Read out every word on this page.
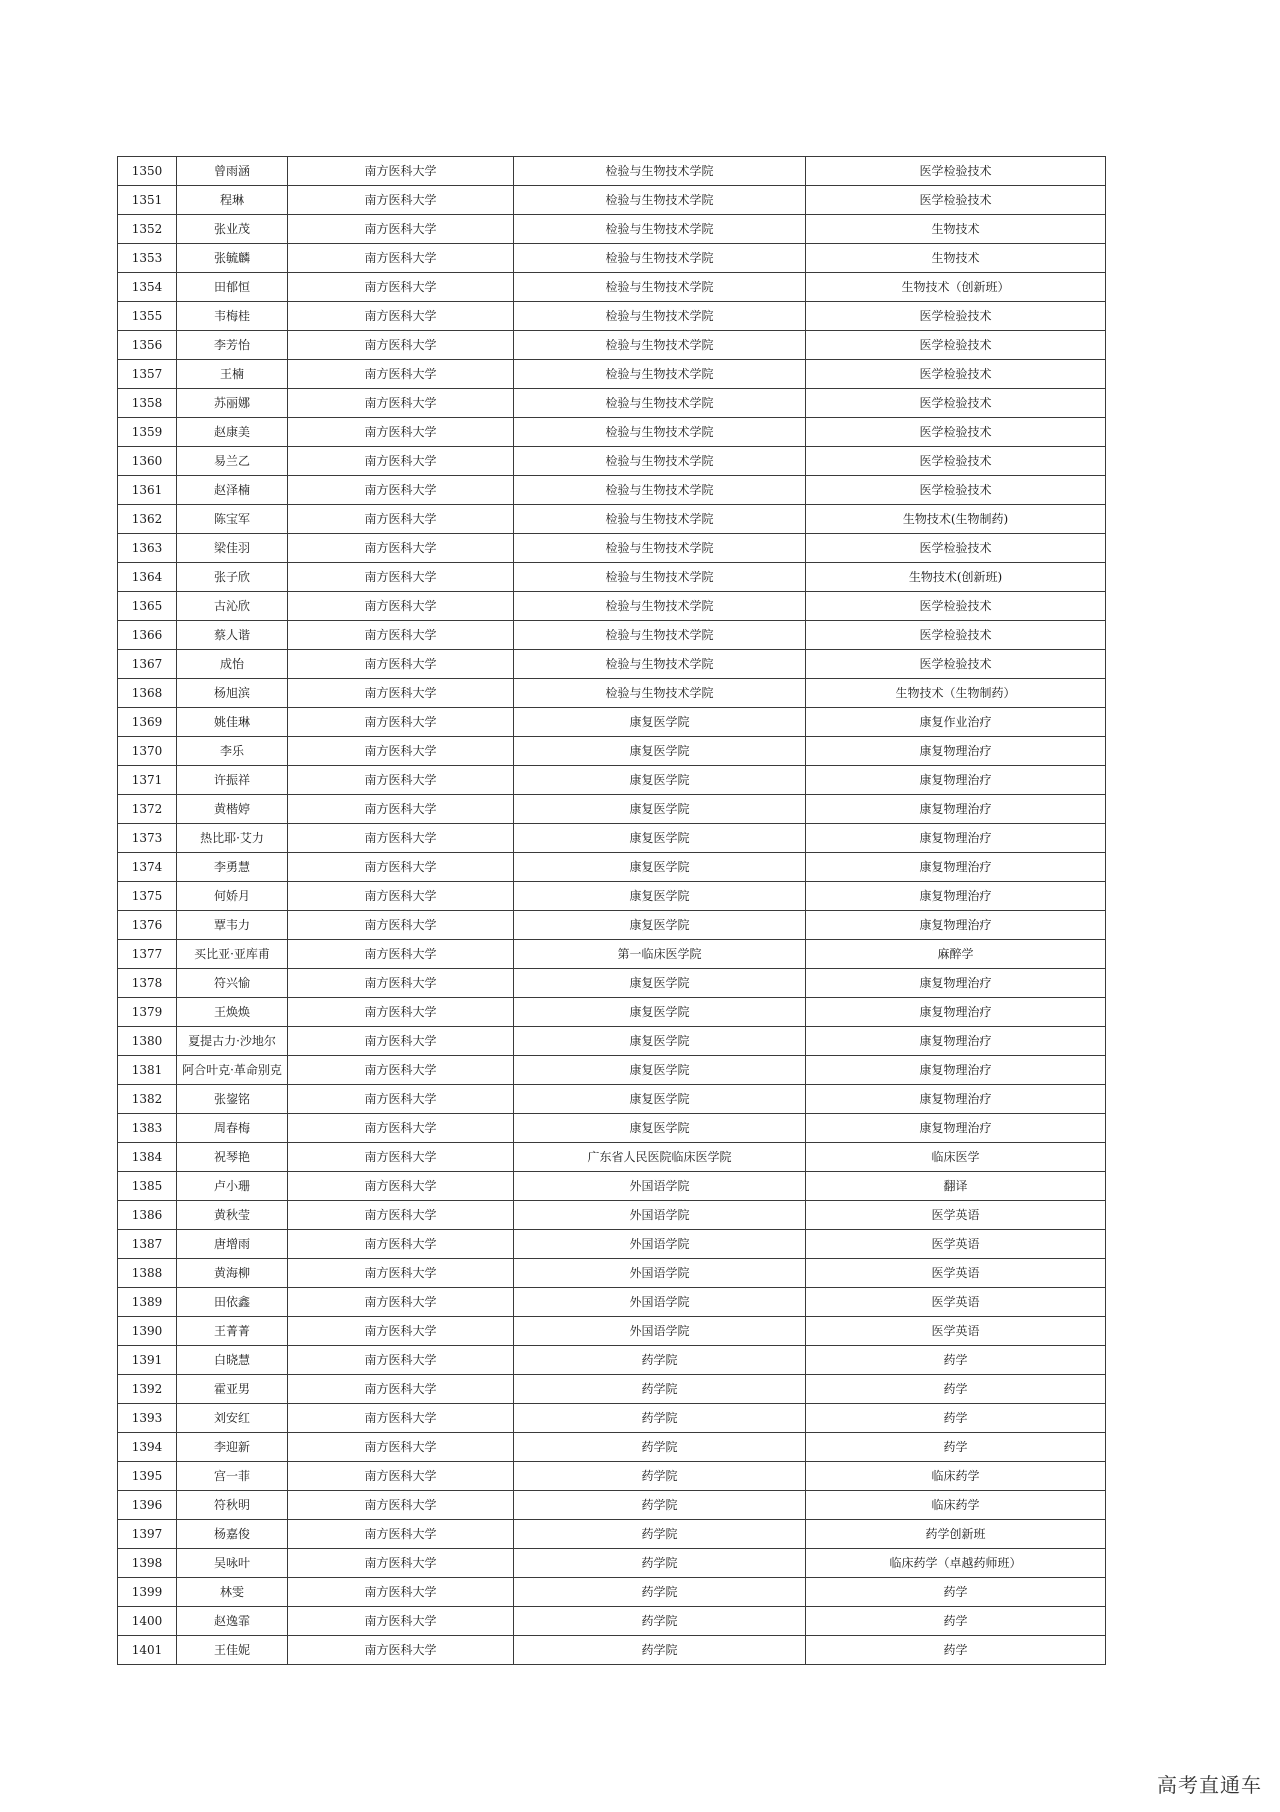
1350	曾雨涵	南方医科大学	检验与生物技术学院	医学检验技术
1351	程琳	南方医科大学	检验与生物技术学院	医学检验技术
1352	张业茂	南方医科大学	检验与生物技术学院	生物技术
1353	张毓麟	南方医科大学	检验与生物技术学院	生物技术
1354	田郁恒	南方医科大学	检验与生物技术学院	生物技术（创新班）
1355	韦梅桂	南方医科大学	检验与生物技术学院	医学检验技术
1356	李芳怡	南方医科大学	检验与生物技术学院	医学检验技术
1357	王楠	南方医科大学	检验与生物技术学院	医学检验技术
1358	苏丽娜	南方医科大学	检验与生物技术学院	医学检验技术
1359	赵康美	南方医科大学	检验与生物技术学院	医学检验技术
1360	易兰乙	南方医科大学	检验与生物技术学院	医学检验技术
1361	赵泽楠	南方医科大学	检验与生物技术学院	医学检验技术
1362	陈宝军	南方医科大学	检验与生物技术学院	生物技术(生物制药)
1363	梁佳羽	南方医科大学	检验与生物技术学院	医学检验技术
1364	张子欣	南方医科大学	检验与生物技术学院	生物技术(创新班)
1365	古沁欣	南方医科大学	检验与生物技术学院	医学检验技术
1366	蔡人谐	南方医科大学	检验与生物技术学院	医学检验技术
1367	成怡	南方医科大学	检验与生物技术学院	医学检验技术
1368	杨旭滨	南方医科大学	检验与生物技术学院	生物技术（生物制药）
1369	姚佳琳	南方医科大学	康复医学院	康复作业治疗
1370	李乐	南方医科大学	康复医学院	康复物理治疗
1371	许振祥	南方医科大学	康复医学院	康复物理治疗
1372	黄楷婷	南方医科大学	康复医学院	康复物理治疗
1373	热比耶·艾力	南方医科大学	康复医学院	康复物理治疗
1374	李勇慧	南方医科大学	康复医学院	康复物理治疗
1375	何娇月	南方医科大学	康复医学院	康复物理治疗
1376	覃韦力	南方医科大学	康复医学院	康复物理治疗
1377	买比亚·亚库甫	南方医科大学	第一临床医学院	麻醉学
1378	符兴愉	南方医科大学	康复医学院	康复物理治疗
1379	王焕焕	南方医科大学	康复医学院	康复物理治疗
1380	夏提古力·沙地尔	南方医科大学	康复医学院	康复物理治疗
1381	阿合叶克·革命别克	南方医科大学	康复医学院	康复物理治疗
1382	张鋆铭	南方医科大学	康复医学院	康复物理治疗
1383	周春梅	南方医科大学	康复医学院	康复物理治疗
1384	祝琴艳	南方医科大学	广东省人民医院临床医学院	临床医学
1385	卢小珊	南方医科大学	外国语学院	翻译
1386	黄秋莹	南方医科大学	外国语学院	医学英语
1387	唐增雨	南方医科大学	外国语学院	医学英语
1388	黄海柳	南方医科大学	外国语学院	医学英语
1389	田依鑫	南方医科大学	外国语学院	医学英语
1390	王菁菁	南方医科大学	外国语学院	医学英语
1391	白晓慧	南方医科大学	药学院	药学
1392	霍亚男	南方医科大学	药学院	药学
1393	刘安红	南方医科大学	药学院	药学
1394	李迎新	南方医科大学	药学院	药学
1395	宫一菲	南方医科大学	药学院	临床药学
1396	符秋明	南方医科大学	药学院	临床药学
1397	杨嘉俊	南方医科大学	药学院	药学创新班
1398	吴咏叶	南方医科大学	药学院	临床药学（卓越药师班）
1399	林雯	南方医科大学	药学院	药学
1400	赵逸霏	南方医科大学	药学院	药学
1401	王佳妮	南方医科大学	药学院	药学
高考直通车
